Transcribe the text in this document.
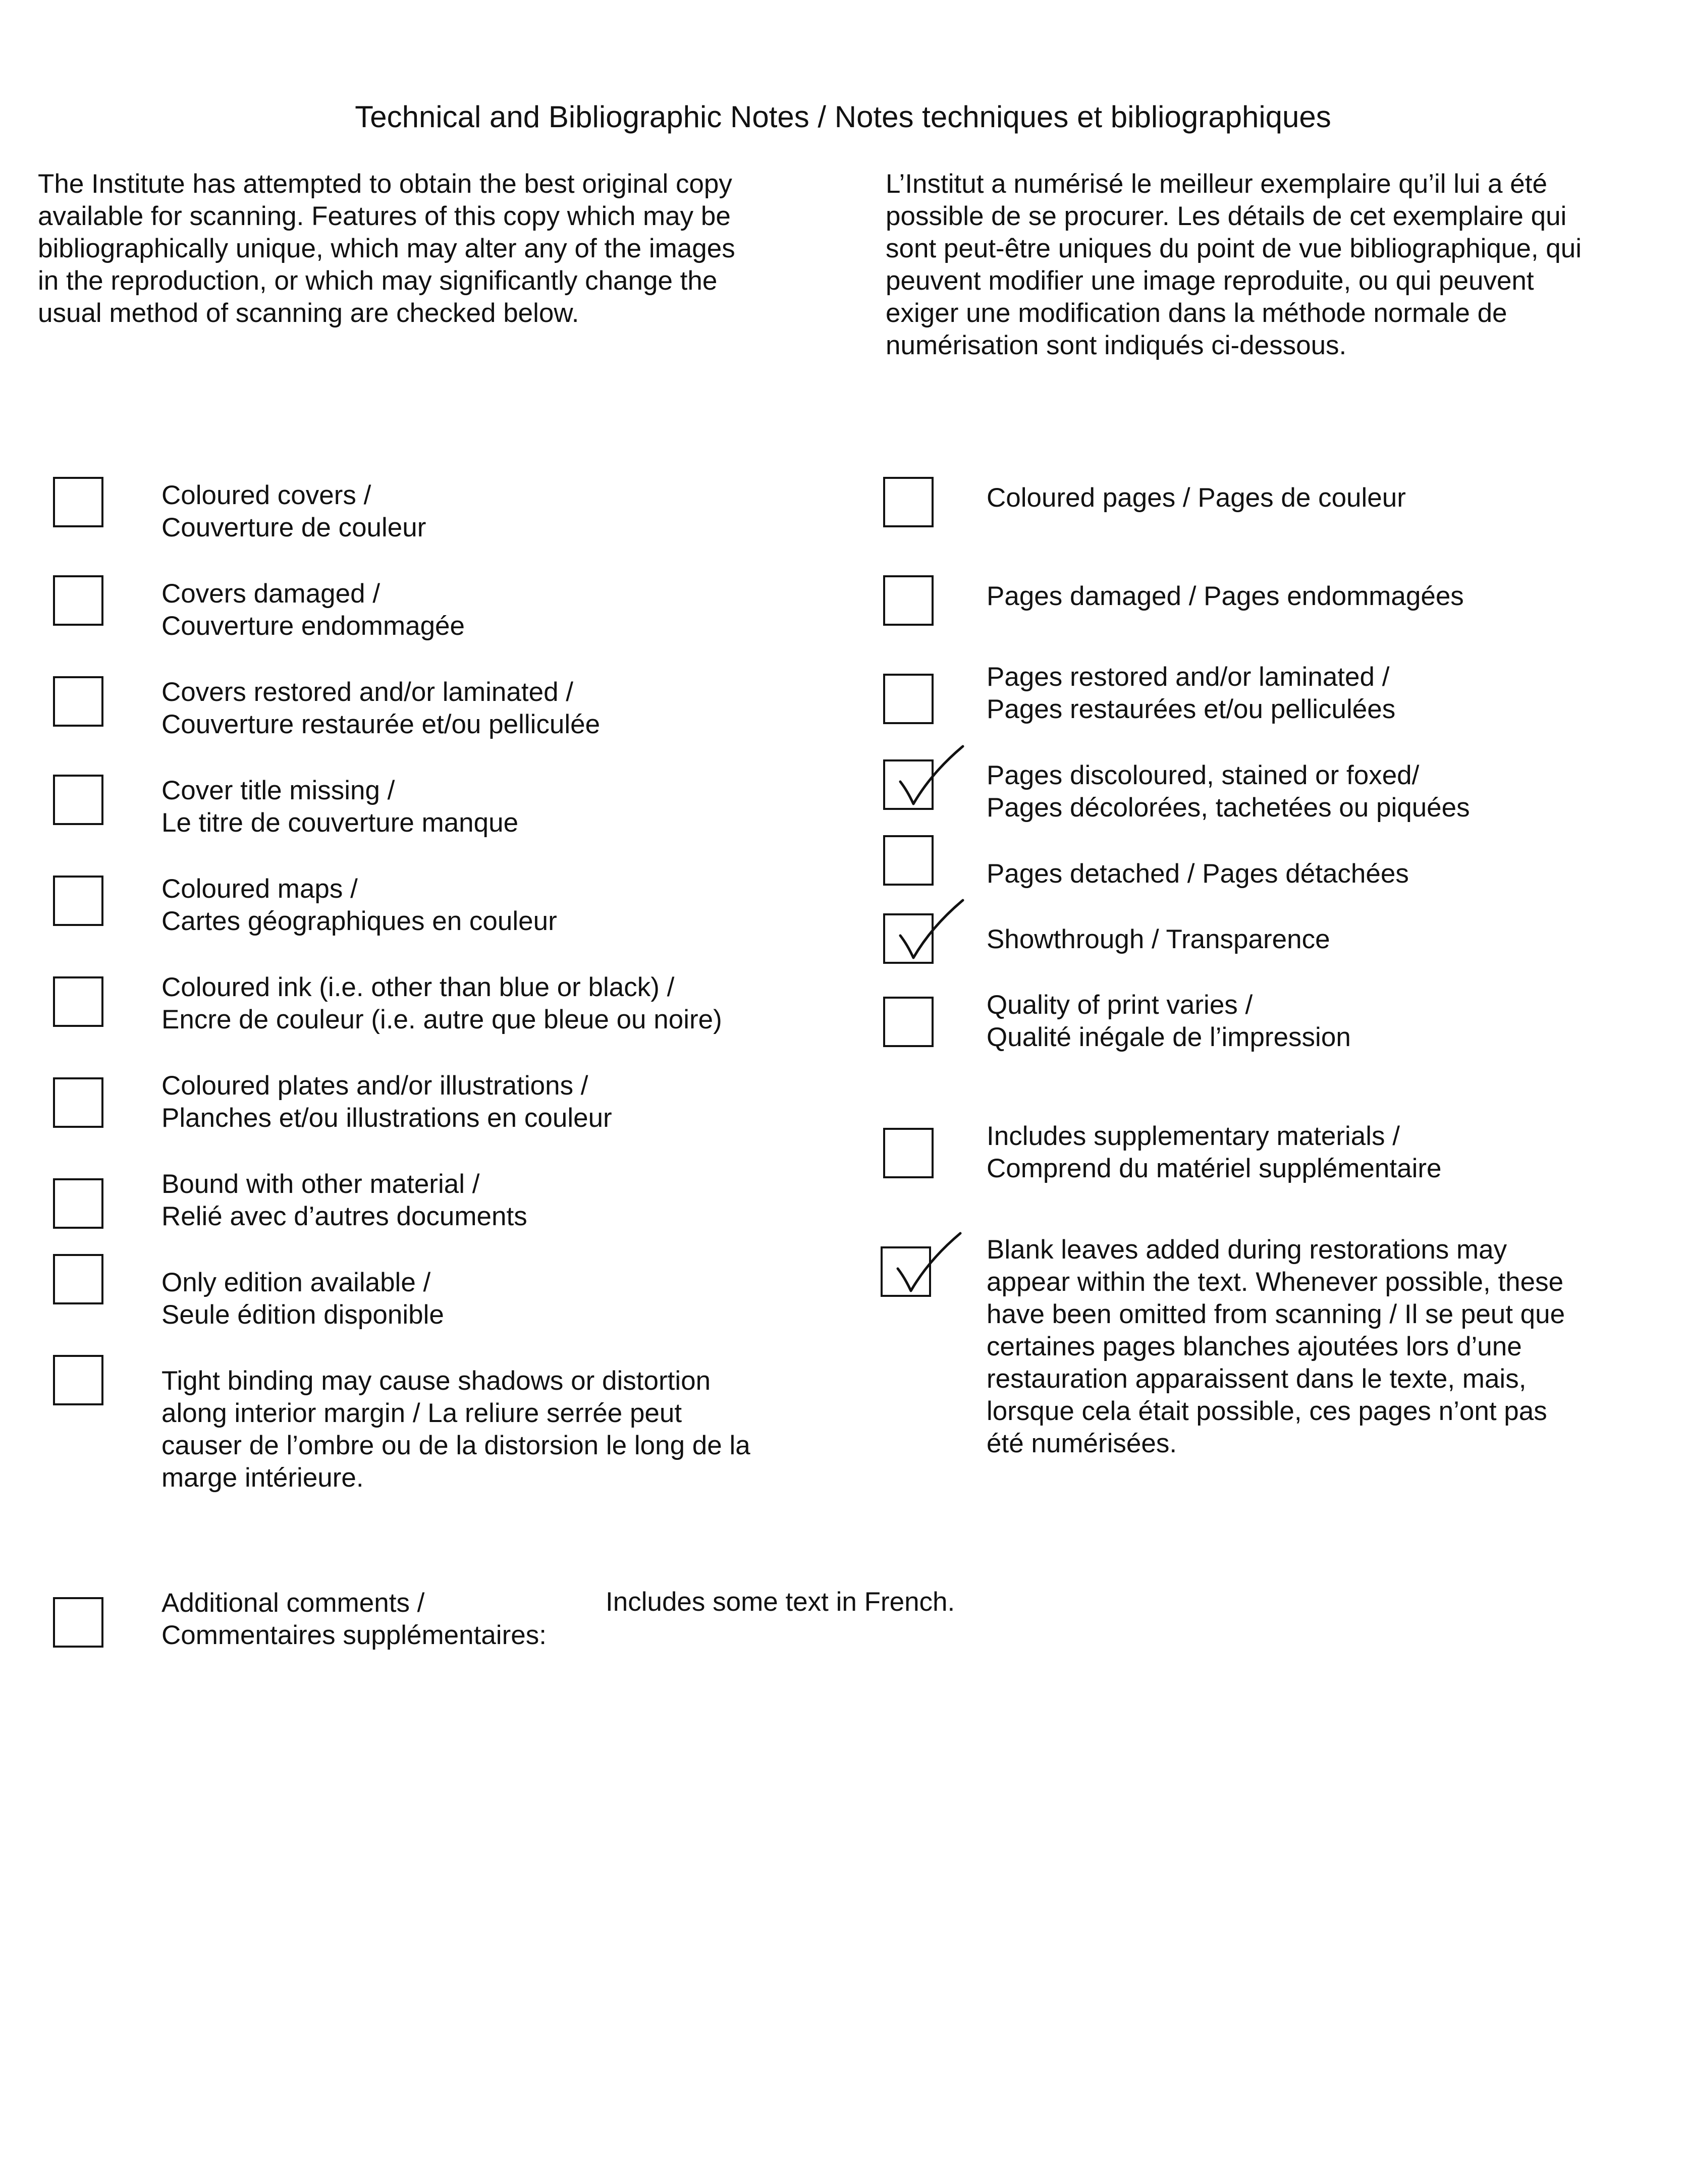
Technical and Bibliographic Notes / Notes techniques et bibliographiques
The Institute has attempted to obtain the best original copy
available for scanning. Features of this copy which may be
bibliographically unique, which may alter any of the images
in the reproduction, or which may significantly change the
usual method of scanning are checked below.
L’Institut a numérisé le meilleur exemplaire qu’il lui a été
possible de se procurer. Les détails de cet exemplaire qui
sont peut-être uniques du point de vue bibliographique, qui
peuvent modifier une image reproduite, ou qui peuvent
exiger une modification dans la méthode normale de
numérisation sont indiqués ci-dessous.
Coloured covers /
Couverture de couleur
Covers damaged /
Couverture endommagée
Covers restored and/or laminated /
Couverture restaurée et/ou pelliculée
Cover title missing /
Le titre de couverture manque
Coloured maps /
Cartes géographiques en couleur
Coloured ink (i.e. other than blue or black) /
Encre de couleur (i.e. autre que bleue ou noire)
Coloured plates and/or illustrations /
Planches et/ou illustrations en couleur
Bound with other material /
Relié avec d’autres documents
Only edition available /
Seule édition disponible
Tight binding may cause shadows or distortion
along interior margin / La reliure serrée peut
causer de l’ombre ou de la distorsion le long de la
marge intérieure.
Coloured pages / Pages de couleur
Pages damaged / Pages endommagées
Pages restored and/or laminated /
Pages restaurées et/ou pelliculées
Pages discoloured, stained or foxed/
Pages décolorées, tachetées ou piquées
Pages detached / Pages détachées
Showthrough / Transparence
Quality of print varies /
Qualité inégale de l’impression
Includes supplementary materials /
Comprend du matériel supplémentaire
Blank leaves added during restorations may
appear within the text. Whenever possible, these
have been omitted from scanning / Il se peut que
certaines pages blanches ajoutées lors d’une
restauration apparaissent dans le texte, mais,
lorsque cela était possible, ces pages n’ont pas
été numérisées.
Additional comments /
Commentaires supplémentaires:
Includes some text in French.
